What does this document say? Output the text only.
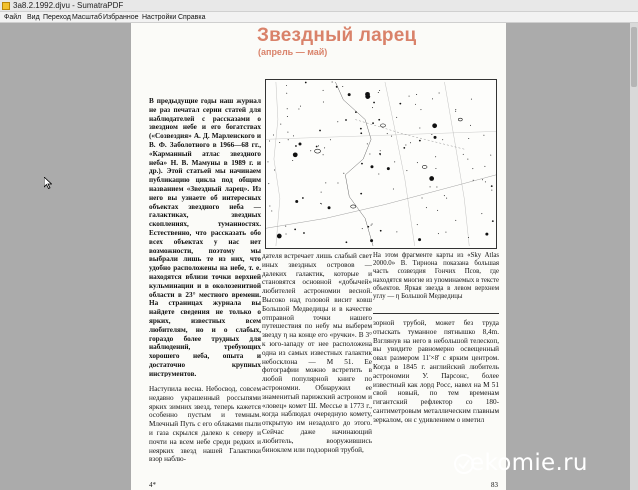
3a8.2.1992.djvu - SumatraPDF
Файл Вид Переход Масштаб Избранное Настройки Справка
Звездный ларец
(апрель — май)
В предыдущие годы наш журнал не раз печатал серии статей для наблюдателей с рассказами о звездном небе и его богатствах («Созвездия» А. Д. Марленского и В. Ф. Заболотного в 1966—68 гг., «Карманный атлас звездного неба» Н. В. Мамуны в 1989 г. и др.). Этой статьей мы начинаем публикацию цикла под общим названием «Звездный ларец». Из него вы узнаете об интересных объектах звездного неба — галактиках, звездных скоплениях, туманностях. Естественно, что рассказать обо всех объектах у нас нет возможности, поэтому мы выбрали лишь те из них, что удобно расположены на небе, т. е. находятся вблизи точки верхней кульминации и в околозенитной области в 23° местного времени. На страницах журнала вы найдете сведения не только о ярких, известных всем любителям, но и о слабых, гораздо более трудных для наблюдений, требующих хорошего неба, опыта и достаточно крупных инструментов.
Наступила весна. Небосвод, совсем недавно украшенный россыпями ярких зимних звезд, теперь кажется особенно пустым и темным. Млечный Путь с его облаками пыли и газа скрылся далеко к северу и почти на всем небе среди редких и неярких звезд нашей Галактики взор наблю-
дателя встречает лишь слабый свет иных звездных островов — далеких галактик, которые и становятся основной «добычей» любителей астрономии весной. Высоко над головой висит ковш Большой Медведицы и в качестве отправной точки нашего путешествия по небу мы выберем звезду η на конце его «ручки». В 3° к юго-западу от нее расположена одна из самых известных галактик небосклона — М 51. Ее фотографии можно встретить в любой популярной книге по астрономии. Обнаружил ее знаменитый парижский астроном и «ловец» комет Ш. Мессье в 1773 г., когда наблюдал очередную комету, открытую им незадолго до этого. Сейчас даже начинающий любитель, вооружившись биноклем или подзорной трубой,
На этом фрагменте карты из «Sky Atlas 2000.0» В. Тирнона показана большая часть созвездия Гончих Псов, где находятся многие из упоминаемых в тексте объектов. Яркая звезда в левом верхнем углу — η Большой Медведицы
зорной трубой, может без труда отыскать туманное пятнышко 8,4m. Взглянув на него в небольшой телескоп, вы увидите равномерно освещенный овал размером 11'×8' с ярким центром. Когда в 1845 г. английский любитель астрономии У. Парсонс, более известный как лорд Росс, навел на М 51 свой новый, по тем временам гигантский рефлектор со 180-сантиметровым металлическим главным зеркалом, он с удивлением о иметил
4*	83
ekomie.ru
